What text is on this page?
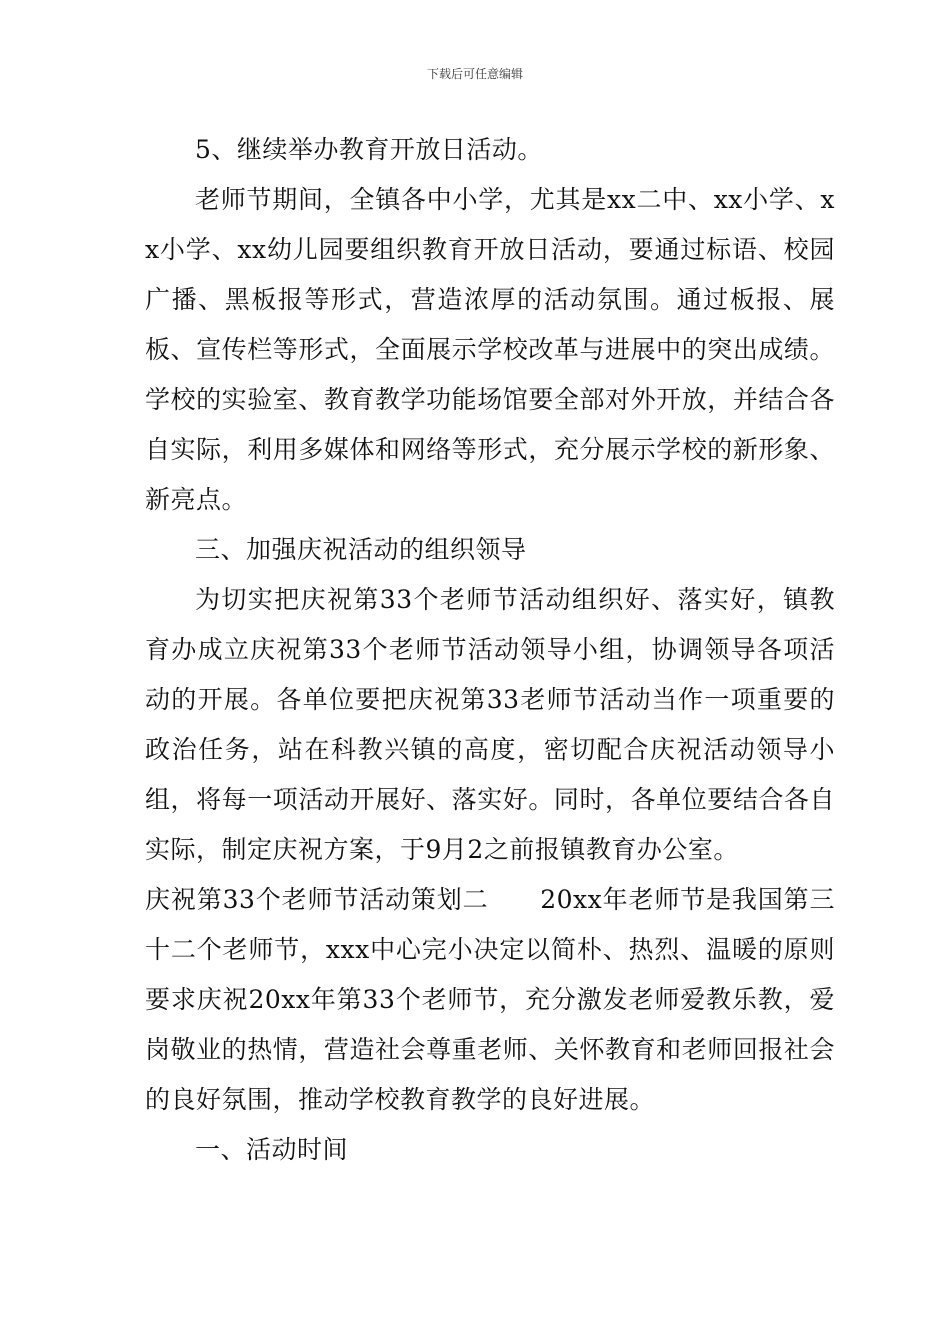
下载后可任意编辑

5、继续举办教育开放日活动。

老师节期间，全镇各中小学，尤其是xx二中、xx小学、xx小学、xx幼儿园要组织教育开放日活动，要通过标语、校园广播、黑板报等形式，营造浓厚的活动氛围。通过板报、展板、宣传栏等形式，全面展示学校改革与进展中的突出成绩。学校的实验室、教育教学功能场馆要全部对外开放，并结合各自实际，利用多媒体和网络等形式，充分展示学校的新形象、新亮点。

三、加强庆祝活动的组织领导

为切实把庆祝第33个老师节活动组织好、落实好，镇教育办成立庆祝第33个老师节活动领导小组，协调领导各项活动的开展。各单位要把庆祝第33老师节活动当作一项重要的政治任务，站在科教兴镇的高度，密切配合庆祝活动领导小组，将每一项活动开展好、落实好。同时，各单位要结合各自实际，制定庆祝方案，于9月2之前报镇教育办公室。

庆祝第33个老师节活动策划二　　20xx年老师节是我国第三十二个老师节，xxx中心完小决定以简朴、热烈、温暖的原则要求庆祝20xx年第33个老师节，充分激发老师爱教乐教，爱岗敬业的热情，营造社会尊重老师、关怀教育和老师回报社会的良好氛围，推动学校教育教学的良好进展。

一、活动时间
